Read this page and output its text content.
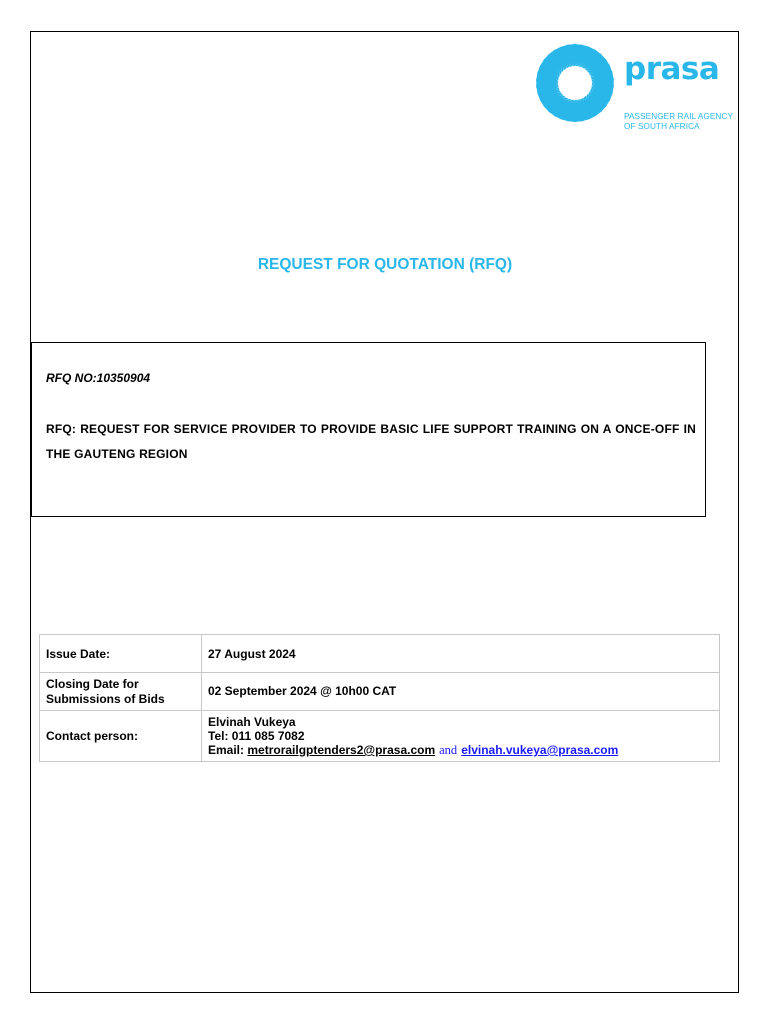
prasa
PASSENGER RAIL AGENCY
OF SOUTH AFRICA
REQUEST FOR QUOTATION (RFQ)
RFQ NO:10350904
RFQ: REQUEST FOR SERVICE PROVIDER TO PROVIDE BASIC LIFE SUPPORT TRAINING ON A ONCE-OFF IN THE GAUTENG REGION
Issue Date:	27 August 2024

Closing Date for
Submissions of Bids	02 September 2024 @ 10h00 CAT
Contact person:	Elvinah Vukeya
Tel: 011 085 7082
Email: metrorailgptenders2@prasa.com and elvinah.vukeya@prasa.com
